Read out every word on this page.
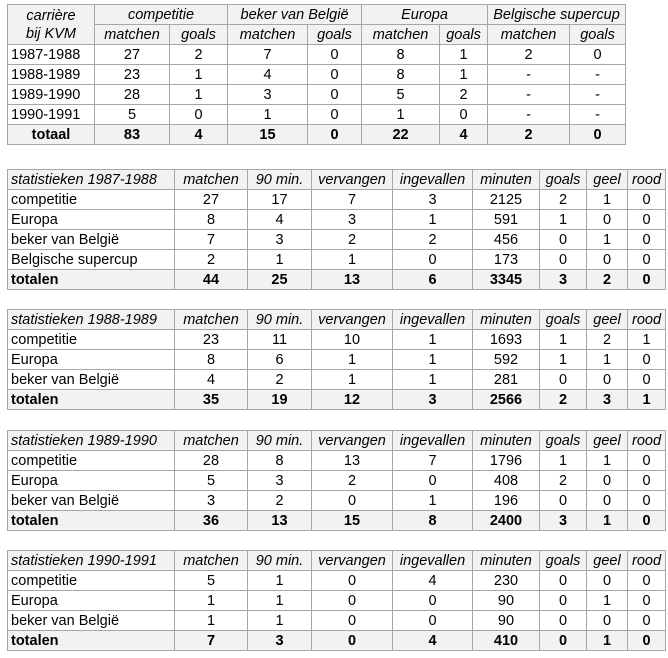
carrière
bij KVM	competitie		beker van België		Europa		Belgische supercup	
	matchen	goals	matchen	goals	matchen	goals	matchen	goals
1987-1988	27	2	7	0	8	1	2	0
1988-1989	23	1	4	0	8	1	-	-
1989-1990	28	1	3	0	5	2	-	-
1990-1991	5	0	1	0	1	0	-	-
totaal	83	4	15	0	22	4	2	0
statistieken 1987-1988	matchen	90 min.	vervangen	ingevallen	minuten	goals	geel	rood
competitie	27	17	7	3	2125	2	1	0
Europa	8	4	3	1	591	1	0	0
beker van België	7	3	2	2	456	0	1	0
Belgische supercup	2	1	1	0	173	0	0	0
totalen	44	25	13	6	3345	3	2	0
statistieken 1988-1989	matchen	90 min.	vervangen	ingevallen	minuten	goals	geel	rood
competitie	23	11	10	1	1693	1	2	1
Europa	8	6	1	1	592	1	1	0
beker van België	4	2	1	1	281	0	0	0
totalen	35	19	12	3	2566	2	3	1
statistieken 1989-1990	matchen	90 min.	vervangen	ingevallen	minuten	goals	geel	rood
competitie	28	8	13	7	1796	1	1	0
Europa	5	3	2	0	408	2	0	0
beker van België	3	2	0	1	196	0	0	0
totalen	36	13	15	8	2400	3	1	0
statistieken 1990-1991	matchen	90 min.	vervangen	ingevallen	minuten	goals	geel	rood
competitie	5	1	0	4	230	0	0	0
Europa	1	1	0	0	90	0	1	0
beker van België	1	1	0	0	90	0	0	0
totalen	7	3	0	4	410	0	1	0
